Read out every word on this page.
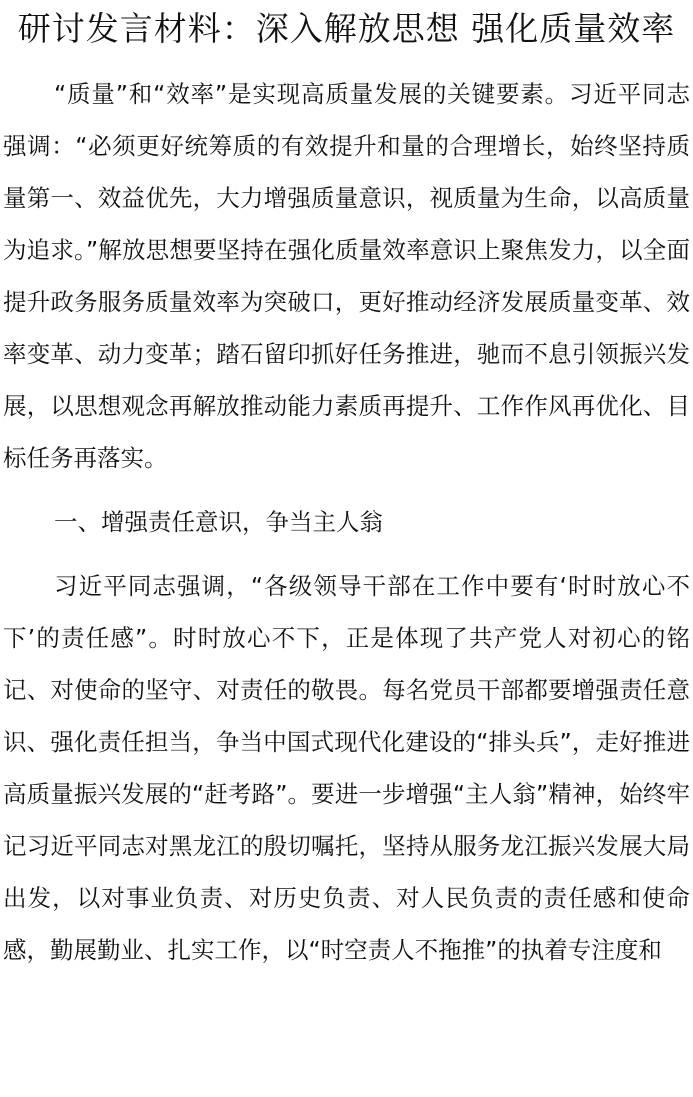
研讨发言材料：深入解放思想 强化质量效率

“质量”和“效率”是实现高质量发展的关键要素。习近平同志强调：“必须更好统筹质的有效提升和量的合理增长，始终坚持质量第一、效益优先，大力增强质量意识，视质量为生命，以高质量为追求。”解放思想要坚持在强化质量效率意识上聚焦发力，以全面提升政务服务质量效率为突破口，更好推动经济发展质量变革、效率变革、动力变革；踏石留印抓好任务推进，驰而不息引领振兴发展，以思想观念再解放推动能力素质再提升、工作作风再优化、目标任务再落实。

一、增强责任意识，争当主人翁

习近平同志强调，“各级领导干部在工作中要有‘时时放心不下’的责任感”。时时放心不下，正是体现了共产党人对初心的铭记、对使命的坚守、对责任的敬畏。每名党员干部都要增强责任意识、强化责任担当，争当中国式现代化建设的“排头兵”，走好推进高质量振兴发展的“赶考路”。要进一步增强“主人翁”精神，始终牢记习近平同志对黑龙江的殷切嘱托，坚持从服务龙江振兴发展大局出发，以对事业负责、对历史负责、对人民负责的责任感和使命感，勤展勤业、扎实工作，以“时空责人不拖推”的执着专注度和
